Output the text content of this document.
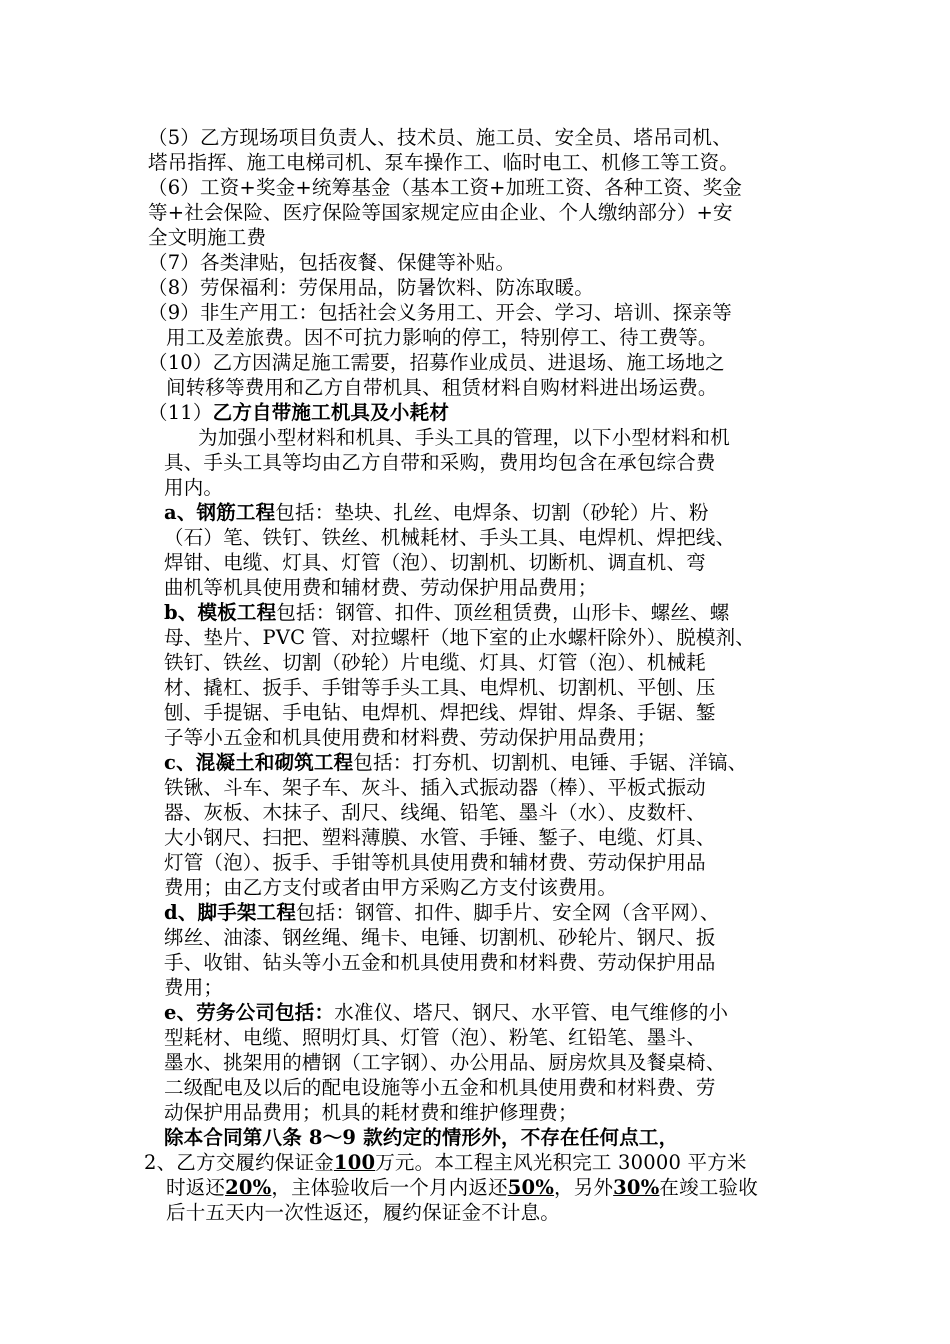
（5）乙方现场项目负责人、技术员、施工员、安全员、塔吊司机、
塔吊指挥、施工电梯司机、泵车操作工、临时电工、机修工等工资。
（6）工资+奖金+统筹基金（基本工资+加班工资、各种工资、奖金
等+社会保险、医疗保险等国家规定应由企业、个人缴纳部分）+安
全文明施工费
（7）各类津贴，包括夜餐、保健等补贴。
（8）劳保福利：劳保用品，防暑饮料、防冻取暖。
（9）非生产用工：包括社会义务用工、开会、学习、培训、探亲等
用工及差旅费。因不可抗力影响的停工，特别停工、待工费等。
（10）乙方因满足施工需要，招募作业成员、进退场、施工场地之
间转移等费用和乙方自带机具、租赁材料自购材料进出场运费。
（11）乙方自带施工机具及小耗材
为加强小型材料和机具、手头工具的管理，以下小型材料和机
具、手头工具等均由乙方自带和采购，费用均包含在承包综合费
用内。
a、钢筋工程包括：垫块、扎丝、电焊条、切割（砂轮）片、粉
（石）笔、铁钉、铁丝、机械耗材、手头工具、电焊机、焊把线、
焊钳、电缆、灯具、灯管（泡）、切割机、切断机、调直机、弯
曲机等机具使用费和辅材费、劳动保护用品费用；
b、模板工程包括：钢管、扣件、顶丝租赁费，山形卡、螺丝、螺
母、垫片、PVC 管、对拉螺杆（地下室的止水螺杆除外）、脱模剂、
铁钉、铁丝、切割（砂轮）片电缆、灯具、灯管（泡）、机械耗
材、撬杠、扳手、手钳等手头工具、电焊机、切割机、平刨、压
刨、手提锯、手电钻、电焊机、焊把线、焊钳、焊条、手锯、錾
子等小五金和机具使用费和材料费、劳动保护用品费用；
c、混凝土和砌筑工程包括：打夯机、切割机、电锤、手锯、洋镐、
铁锹、斗车、架子车、灰斗、插入式振动器（棒）、平板式振动
器、灰板、木抹子、刮尺、线绳、铅笔、墨斗（水）、皮数杆、
大小钢尺、扫把、塑料薄膜、水管、手锤、錾子、电缆、灯具、
灯管（泡）、扳手、手钳等机具使用费和辅材费、劳动保护用品
费用；由乙方支付或者由甲方采购乙方支付该费用。
d、脚手架工程包括：钢管、扣件、脚手片、安全网（含平网）、
绑丝、油漆、钢丝绳、绳卡、电锤、切割机、砂轮片、钢尺、扳
手、收钳、钻头等小五金和机具使用费和材料费、劳动保护用品
费用；
e、劳务公司包括：水准仪、塔尺、钢尺、水平管、电气维修的小
型耗材、电缆、照明灯具、灯管（泡）、粉笔、红铅笔、墨斗、
墨水、挑架用的槽钢（工字钢）、办公用品、厨房炊具及餐桌椅、
二级配电及以后的配电设施等小五金和机具使用费和材料费、劳
动保护用品费用；机具的耗材费和维护修理费；
除本合同第八条 8～9 款约定的情形外，不存在任何点工，
2、乙方交履约保证金100万元。本工程主风光积完工 30000 平方米
时返还20%，主体验收后一个月内返还50%，另外30%在竣工验收
后十五天内一次性返还，履约保证金不计息。
